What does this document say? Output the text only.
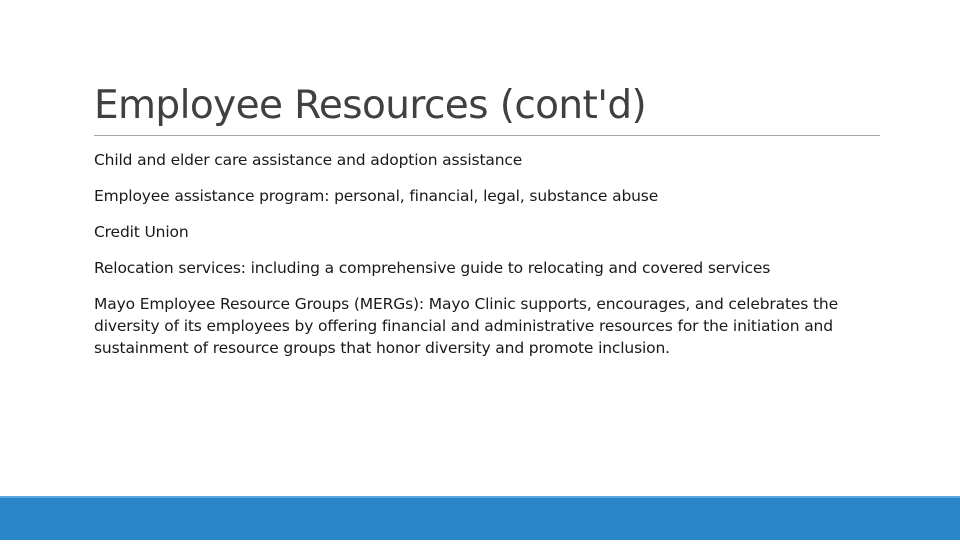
Employee Resources (cont'd)
Child and elder care assistance and adoption assistance
Employee assistance program: personal, financial, legal, substance abuse
Credit Union
Relocation services: including a comprehensive guide to relocating and covered services
Mayo Employee Resource Groups (MERGs): Mayo Clinic supports, encourages, and celebrates the diversity of its employees by offering financial and administrative resources for the initiation and sustainment of resource groups that honor diversity and promote inclusion.
